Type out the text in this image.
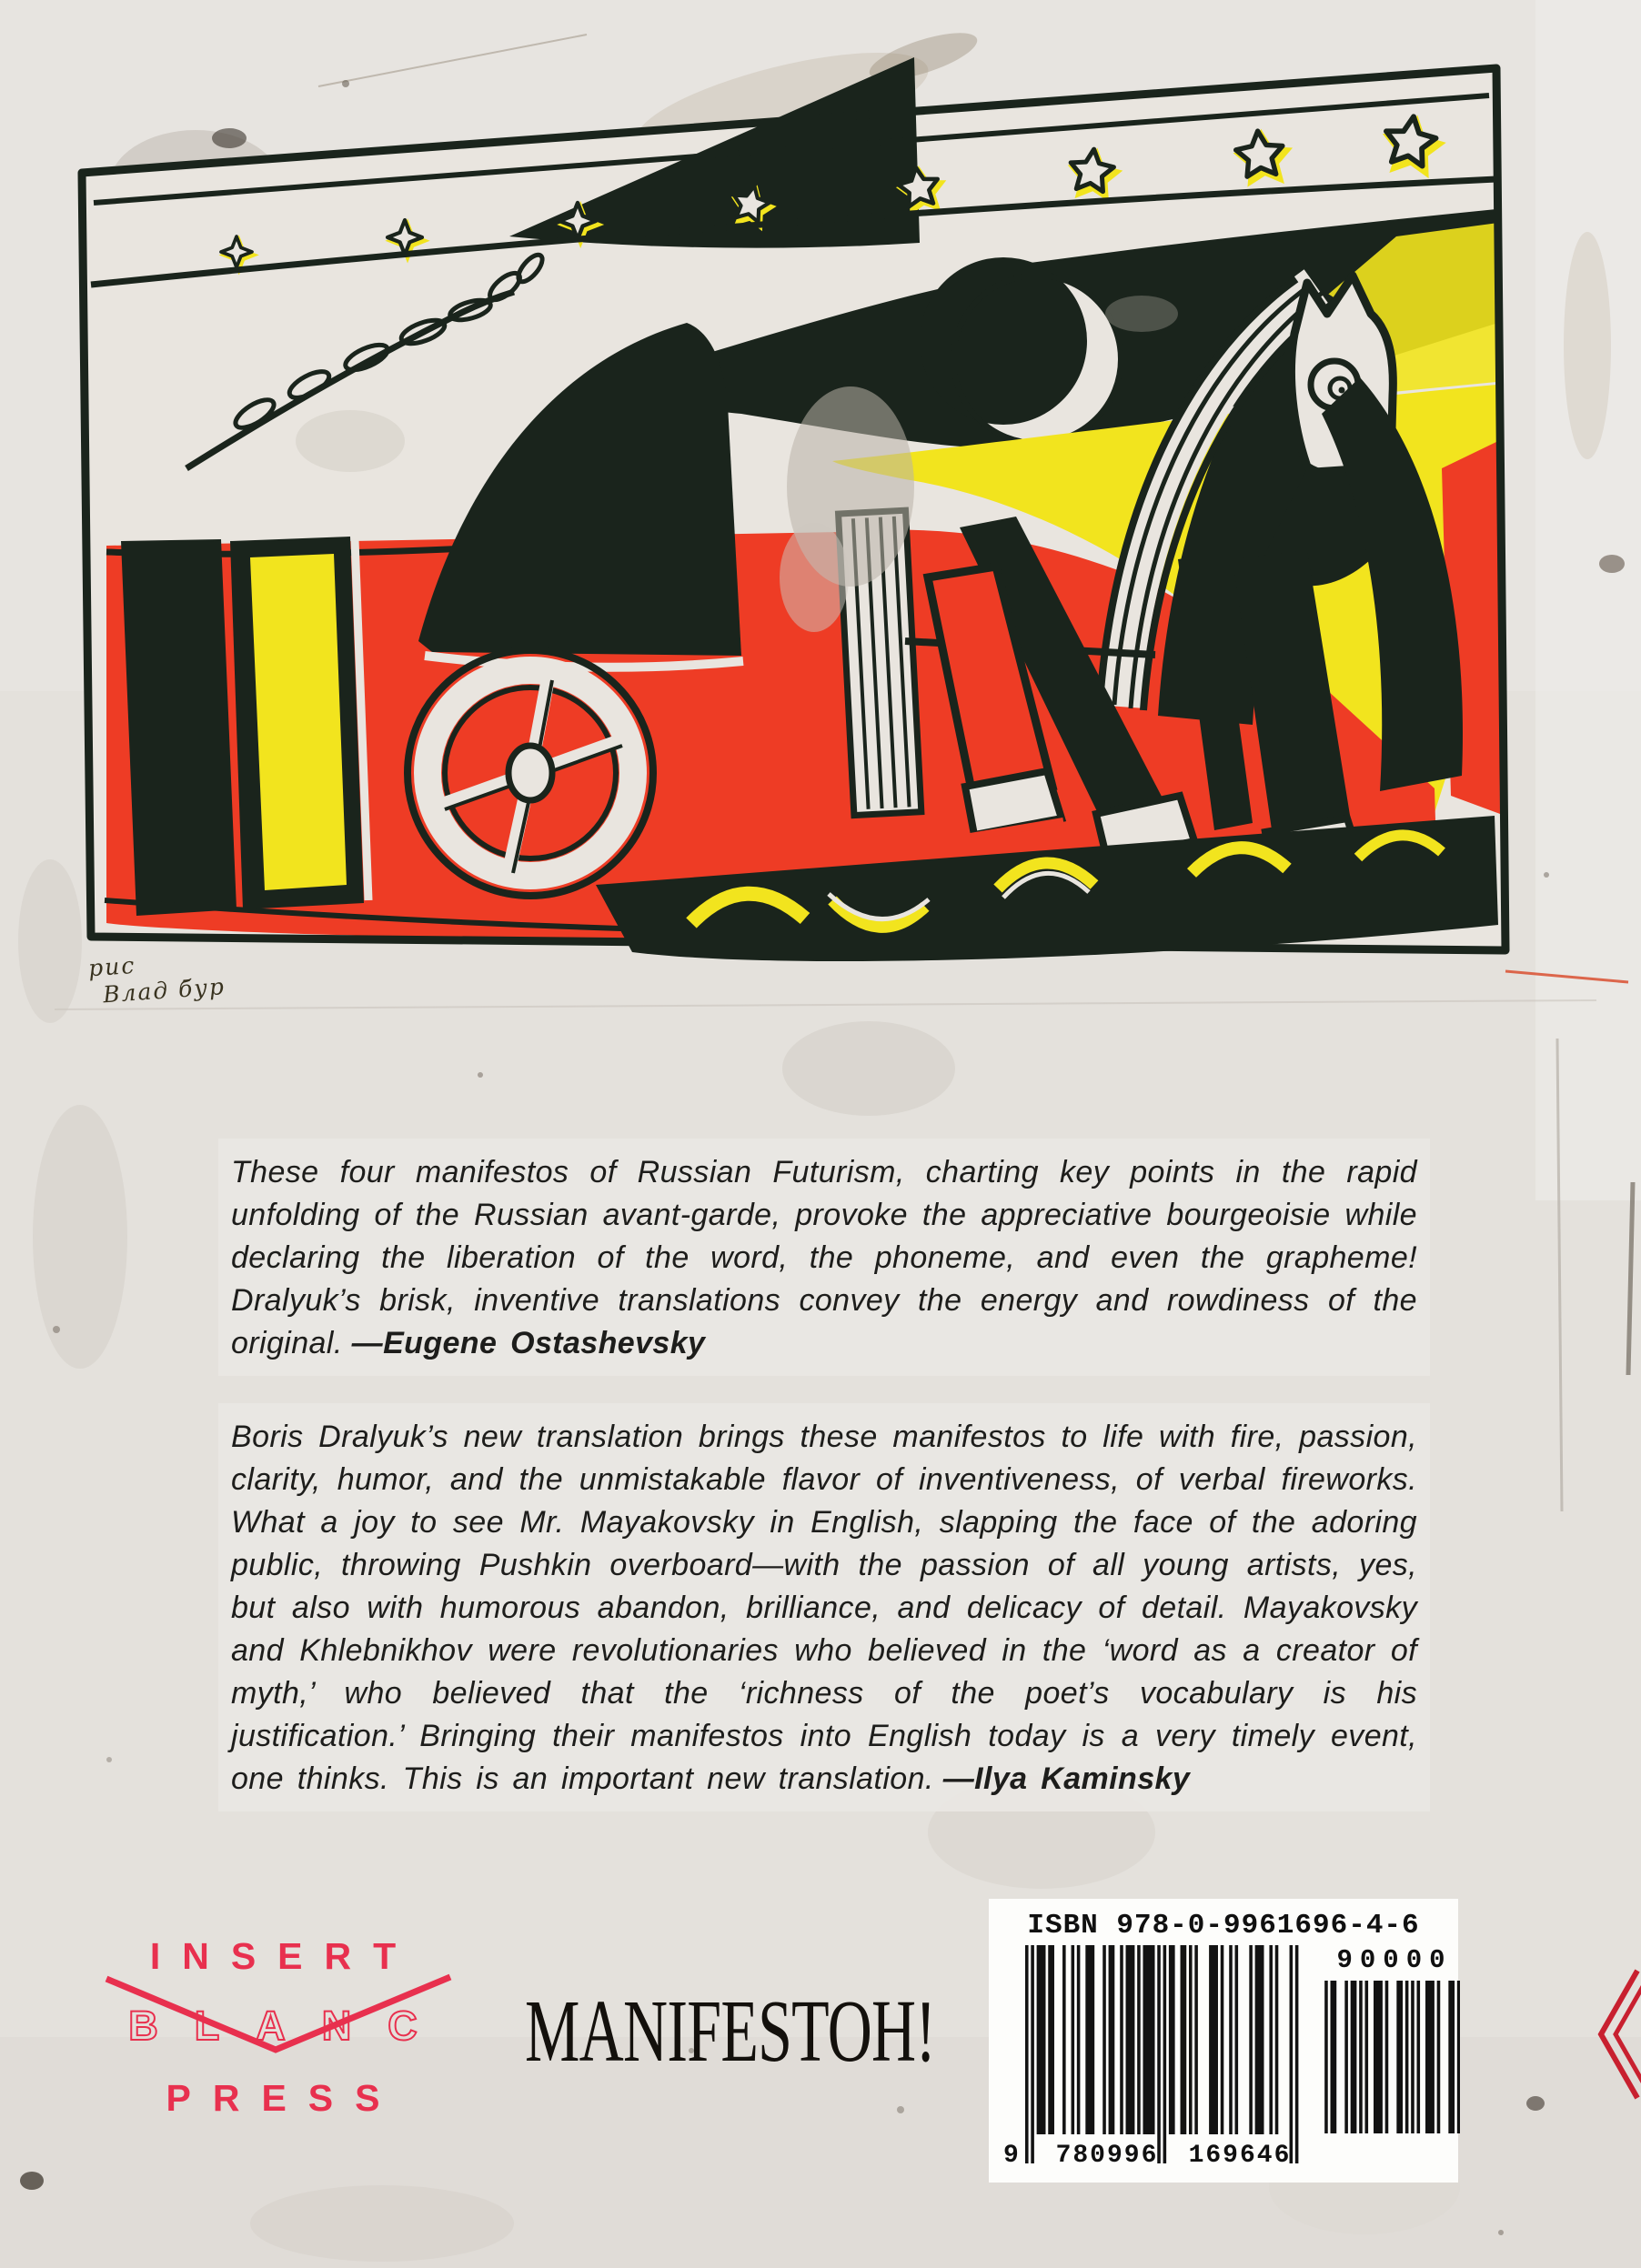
рис
Влад б̄ур
These four manifestos of Russian Futurism, charting key points in the rapid unfolding of the Russian avant-garde, provoke the appreciative bourgeoisie while declaring the liberation of the word, the phoneme, and even the grapheme! Dralyuk’s brisk, inventive translations convey the energy and rowdiness of the original. —Eugene Ostashevsky
Boris Dralyuk’s new translation brings these manifestos to life with fire, passion, clarity, humor, and the unmistakable flavor of inventiveness, of verbal fireworks. What a joy to see Mr. Mayakovsky in English, slapping the face of the adoring public, throwing Pushkin overboard—with the passion of all young artists, yes, but also with humorous abandon, brilliance, and delicacy of detail. Mayakovsky and Khlebnikhov were revolutionaries who believed in the ‘word as a creator of myth,’ who believed that the ‘richness of the poet’s vocabulary is his justification.’ Bringing their manifestos into English today is a very timely event, one thinks. This is an important new translation. —Ilya Kaminsky
INSERT
BLANC
PRESS
MANIFESTOH!
ISBN 978-0-9961696-4-6
9 780996 169646
90000
